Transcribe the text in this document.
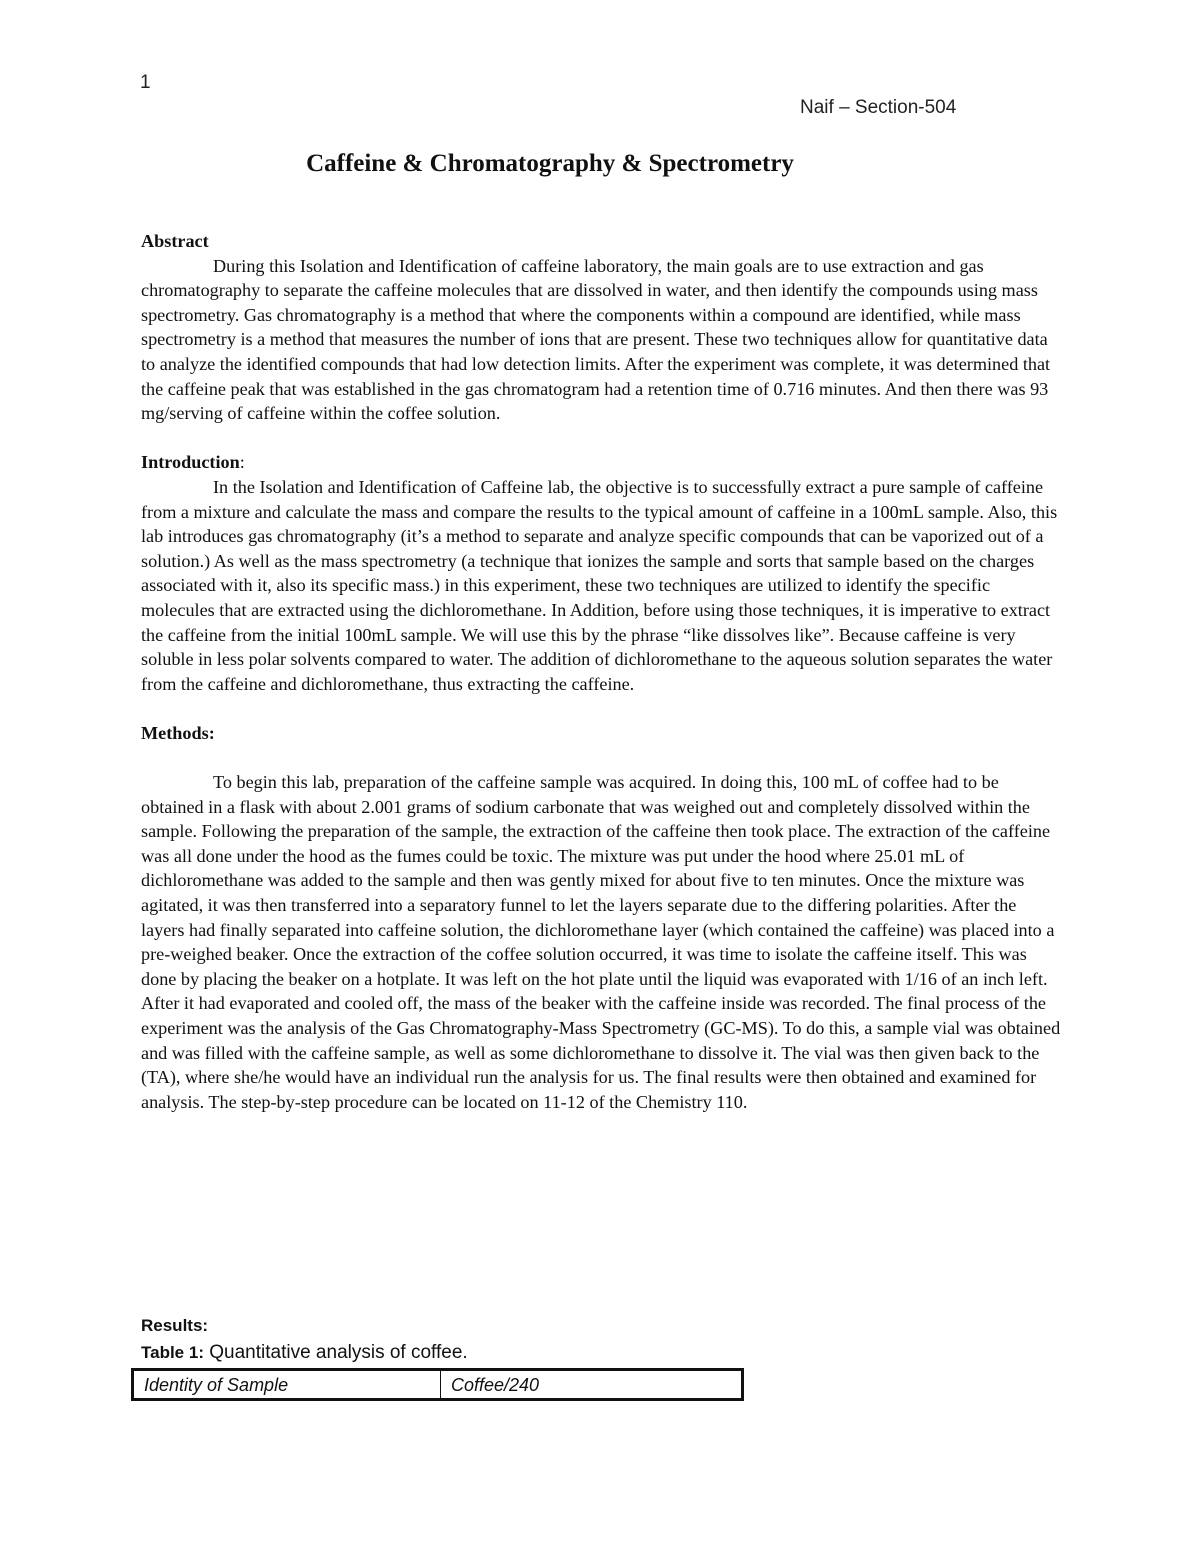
1
Naif – Section-504
Caffeine & Chromatography & Spectrometry

Abstract

During this Isolation and Identification of caffeine laboratory, the main goals are to use extraction and gas chromatography to separate the caffeine molecules that are dissolved in water, and then identify the compounds using mass spectrometry. Gas chromatography is a method that where the components within a compound are identified, while mass spectrometry is a method that measures the number of ions that are present. These two techniques allow for quantitative data to analyze the identified compounds that had low detection limits. After the experiment was complete, it was determined that the caffeine peak that was established in the gas chromatogram had a retention time of 0.716 minutes. And then there was 93 mg/serving of caffeine within the coffee solution.

Introduction:

In the Isolation and Identification of Caffeine lab, the objective is to successfully extract a pure sample of caffeine from a mixture and calculate the mass and compare the results to the typical amount of caffeine in a 100mL sample. Also, this lab introduces gas chromatography (it’s a method to separate and analyze specific compounds that can be vaporized out of a solution.) As well as the mass spectrometry (a technique that ionizes the sample and sorts that sample based on the charges associated with it, also its specific mass.) in this experiment, these two techniques are utilized to identify the specific molecules that are extracted using the dichloromethane. In Addition, before using those techniques, it is imperative to extract the caffeine from the initial 100mL sample. We will use this by the phrase “like dissolves like”. Because caffeine is very soluble in less polar solvents compared to water. The addition of dichloromethane to the aqueous solution separates the water from the caffeine and dichloromethane, thus extracting the caffeine.

Methods:

To begin this lab, preparation of the caffeine sample was acquired. In doing this, 100 mL of coffee had to be obtained in a flask with about 2.001 grams of sodium carbonate that was weighed out and completely dissolved within the sample. Following the preparation of the sample, the extraction of the caffeine then took place. The extraction of the caffeine was all done under the hood as the fumes could be toxic. The mixture was put under the hood where 25.01 mL of dichloromethane was added to the sample and then was gently mixed for about five to ten minutes. Once the mixture was agitated, it was then transferred into a separatory funnel to let the layers separate due to the differing polarities. After the layers had finally separated into caffeine solution, the dichloromethane layer (which contained the caffeine) was placed into a pre-weighed beaker. Once the extraction of the coffee solution occurred, it was time to isolate the caffeine itself. This was done by placing the beaker on a hotplate. It was left on the hot plate until the liquid was evaporated with 1/16 of an inch left. After it had evaporated and cooled off, the mass of the beaker with the caffeine inside was recorded. The final process of the experiment was the analysis of the Gas Chromatography-Mass Spectrometry (GC-MS). To do this, a sample vial was obtained and was filled with the caffeine sample, as well as some dichloromethane to dissolve it. The vial was then given back to the (TA), where she/he would have an individual run the analysis for us. The final results were then obtained and examined for analysis. The step-by-step procedure can be located on 11-12 of the Chemistry 110.

Results:

Table 1: Quantitative analysis of coffee.

Identity of Sample	Coffee/240
